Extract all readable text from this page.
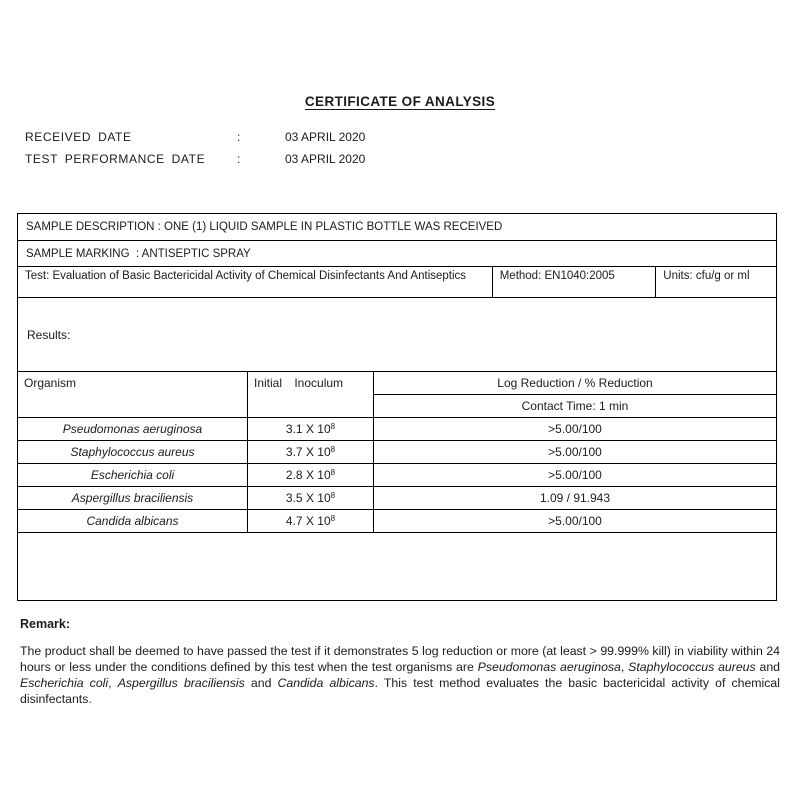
CERTIFICATE OF ANALYSIS
RECEIVED DATE	:	03 APRIL 2020
TEST PERFORMANCE DATE	:	03 APRIL 2020
SAMPLE DESCRIPTION : ONE (1) LIQUID SAMPLE IN PLASTIC BOTTLE WAS RECEIVED
SAMPLE MARKING  : ANTISEPTIC SPRAY
Test: Evaluation of Basic Bactericidal Activity of Chemical Disinfectants And Antiseptics	Method: EN1040:2005	Units: cfu/g or ml
Results:
Organism	Initial Inoculum	Log Reduction / % Reduction
Contact Time: 1 min
Pseudomonas aeruginosa	3.1 X 10 8	>5.00/100
Staphylococcus aureus	3.7 X 10 8	>5.00/100
Escherichia coli	2.8 X 10 8	>5.00/100
Aspergillus braciliensis	3.5 X 10 8	1.09 / 91.943
Candida albicans	4.7 X 10 8	>5.00/100
Remark:
The product shall be deemed to have passed the test if it demonstrates 5 log reduction or more (at least > 99.999% kill) in viability within 24 hours or less under the conditions defined by this test when the test organisms are Pseudomonas aeruginosa, Staphylococcus aureus and Escherichia coli, Aspergillus braciliensis and Candida albicans. This test method evaluates the basic bactericidal activity of chemical disinfectants.
